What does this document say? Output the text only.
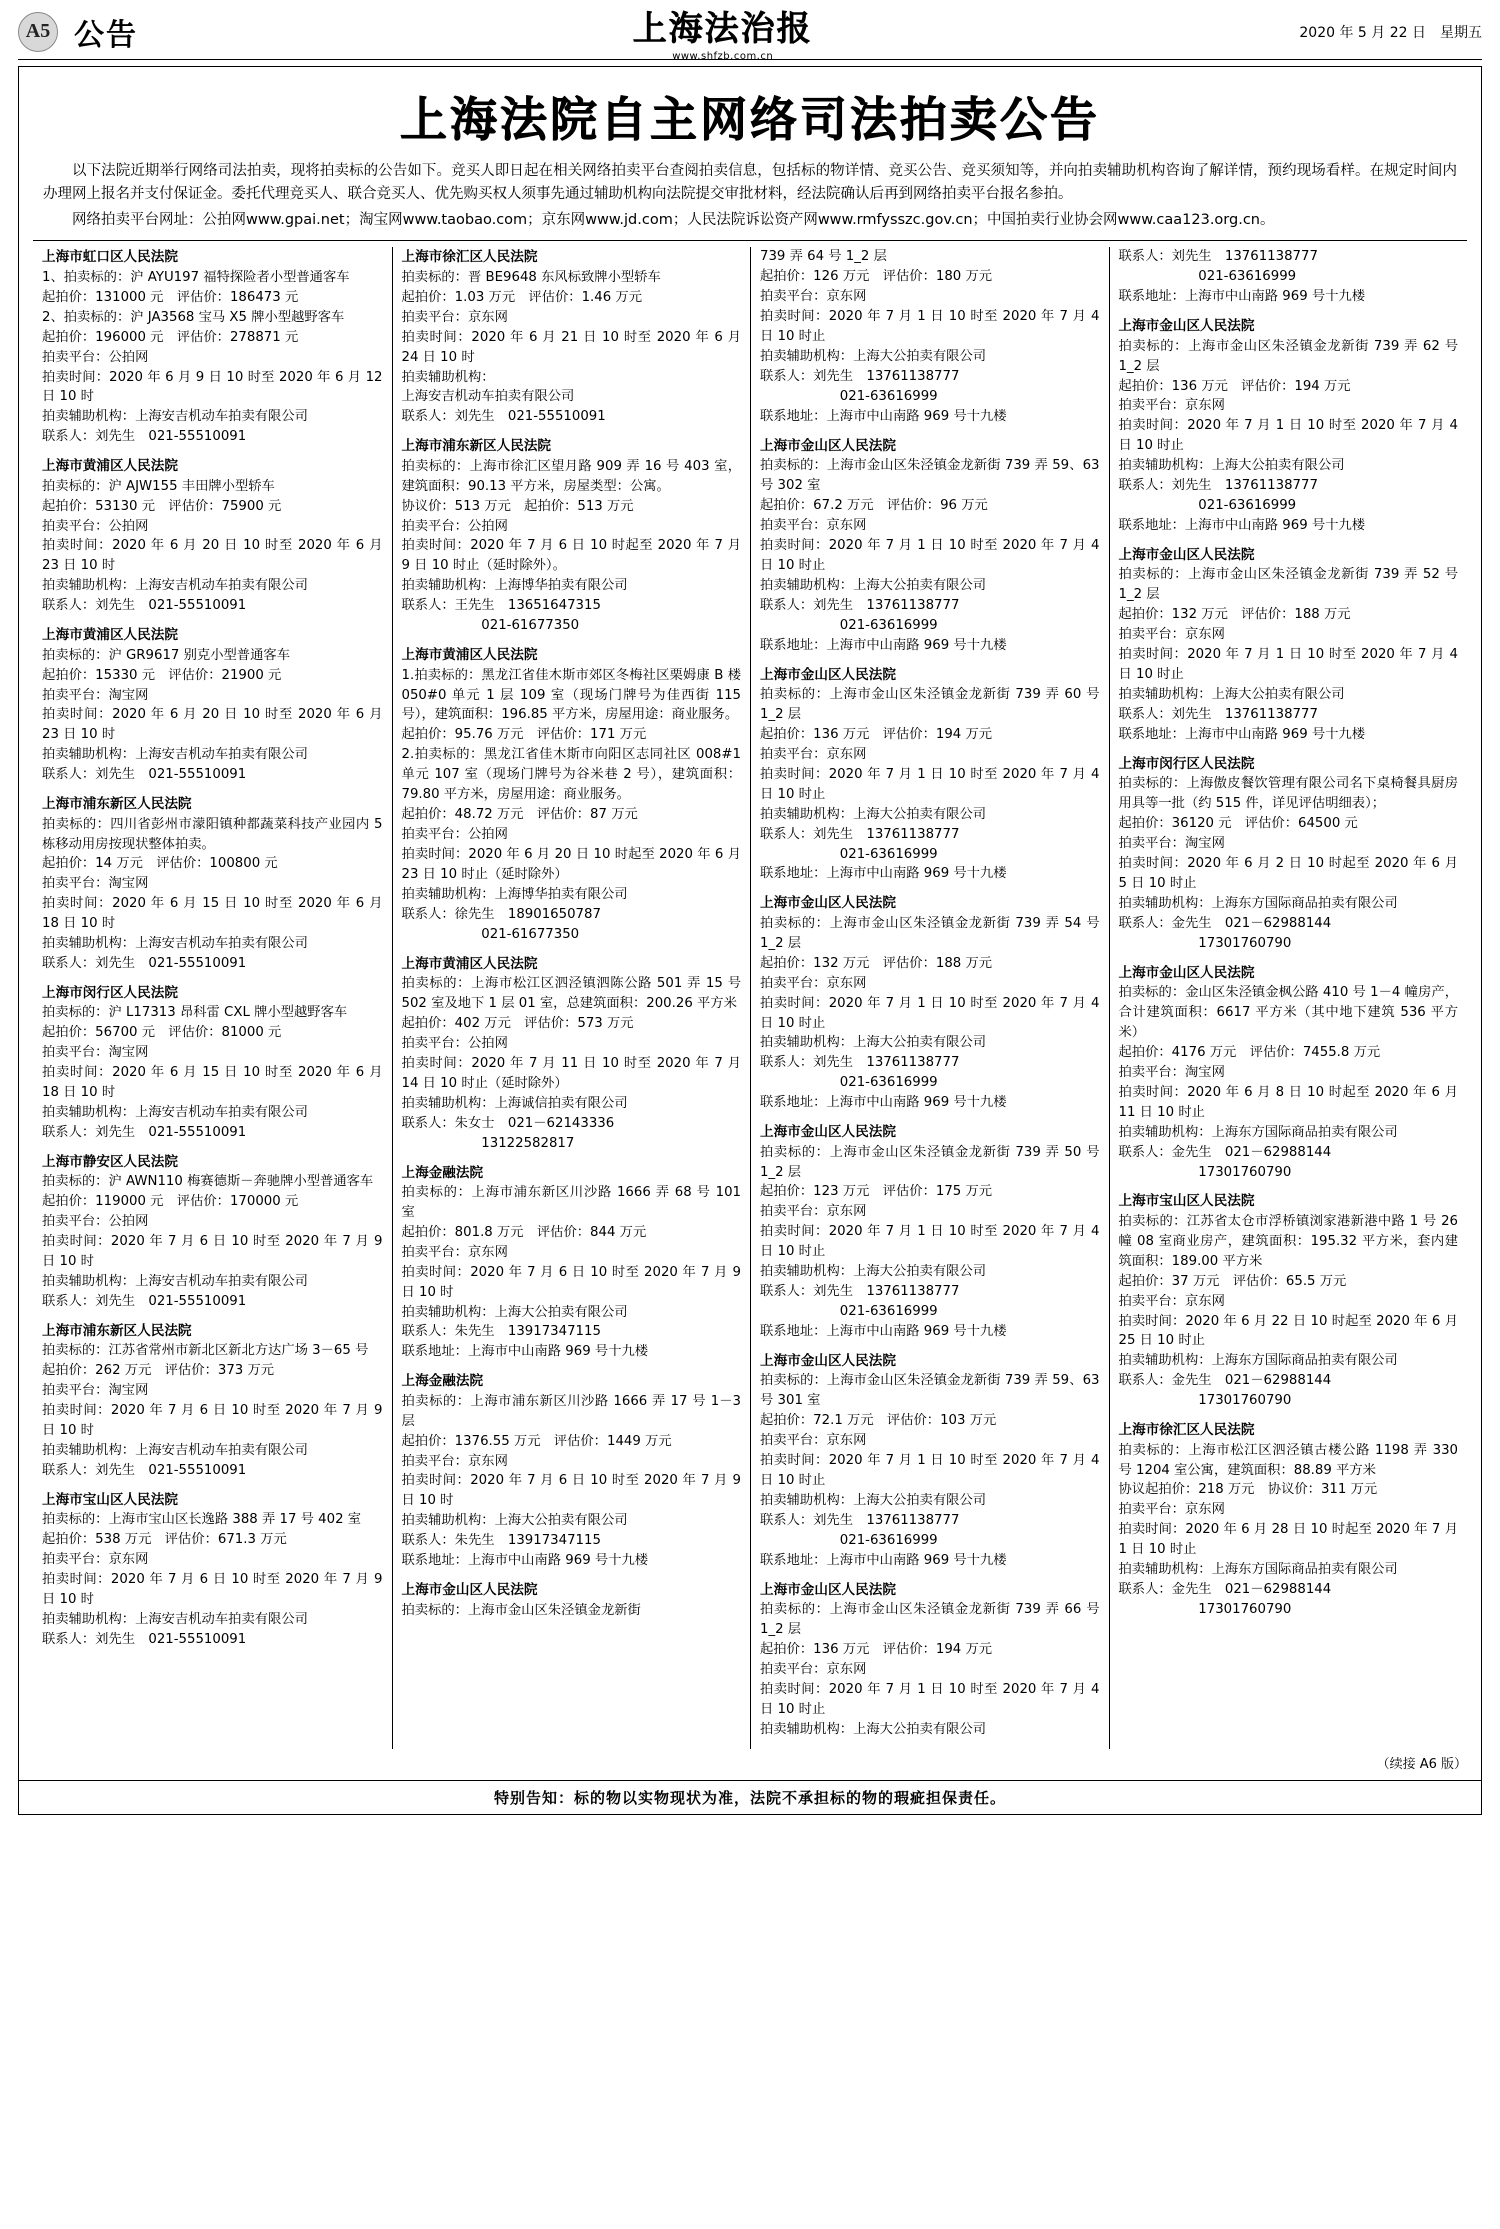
A5 公告	上海法治报
www.shfzb.com.cn
2020 年 5 月 22 日　星期五
上海法院自主网络司法拍卖公告

以下法院近期举行网络司法拍卖，现将拍卖标的公告如下。竞买人即日起在相关网络拍卖平台查阅拍卖信息，包括标的物详情、竞买公告、竞买须知等，并向拍卖辅助机构咨询了解详情，预约现场看样。在规定时间内办理网上报名并支付保证金。委托代理竞买人、联合竞买人、优先购买权人须事先通过辅助机构向法院提交审批材料，经法院确认后再到网络拍卖平台报名参拍。

网络拍卖平台网址：公拍网www.gpai.net；淘宝网www.taobao.com；京东网www.jd.com；人民法院诉讼资产网www.rmfysszc.gov.cn；中国拍卖行业协会网www.caa123.org.cn。

上海市虹口区人民法院
1、拍卖标的：沪 AYU197 福特探险者小型普通客车
起拍价：131000 元　评估价：186473 元
2、拍卖标的：沪 JA3568 宝马 X5 牌小型越野客车
起拍价：196000 元　评估价：278871 元
拍卖平台：公拍网
拍卖时间：2020 年 6 月 9 日 10 时至 2020 年 6 月 12 日 10 时
拍卖辅助机构：上海安吉机动车拍卖有限公司
联系人：刘先生　021-55510091
上海市黄浦区人民法院
拍卖标的：沪 AJW155 丰田牌小型轿车
起拍价：53130 元　评估价：75900 元
拍卖平台：公拍网
拍卖时间：2020 年 6 月 20 日 10 时至 2020 年 6 月 23 日 10 时
拍卖辅助机构：上海安吉机动车拍卖有限公司
联系人：刘先生　021-55510091
上海市黄浦区人民法院
拍卖标的：沪 GR9617 别克小型普通客车
起拍价：15330 元　评估价：21900 元
拍卖平台：淘宝网
拍卖时间：2020 年 6 月 20 日 10 时至 2020 年 6 月 23 日 10 时
拍卖辅助机构：上海安吉机动车拍卖有限公司
联系人：刘先生　021-55510091
上海市浦东新区人民法院
拍卖标的：四川省彭州市濛阳镇种都蔬菜科技产业园内 5 栋移动用房按现状整体拍卖。
起拍价：14 万元　评估价：100800 元
拍卖平台：淘宝网
拍卖时间：2020 年 6 月 15 日 10 时至 2020 年 6 月 18 日 10 时
拍卖辅助机构：上海安吉机动车拍卖有限公司
联系人：刘先生　021-55510091
上海市闵行区人民法院
拍卖标的：沪 L17313 昂科雷 CXL 牌小型越野客车
起拍价：56700 元　评估价：81000 元
拍卖平台：淘宝网
拍卖时间：2020 年 6 月 15 日 10 时至 2020 年 6 月 18 日 10 时
拍卖辅助机构：上海安吉机动车拍卖有限公司
联系人：刘先生　021-55510091
上海市静安区人民法院
拍卖标的：沪 AWN110 梅赛德斯－奔驰牌小型普通客车
起拍价：119000 元　评估价：170000 元
拍卖平台：公拍网
拍卖时间：2020 年 7 月 6 日 10 时至 2020 年 7 月 9 日 10 时
拍卖辅助机构：上海安吉机动车拍卖有限公司
联系人：刘先生　021-55510091
上海市浦东新区人民法院
拍卖标的：江苏省常州市新北区新北方达广场 3－65 号
起拍价：262 万元　评估价：373 万元
拍卖平台：淘宝网
拍卖时间：2020 年 7 月 6 日 10 时至 2020 年 7 月 9 日 10 时
拍卖辅助机构：上海安吉机动车拍卖有限公司
联系人：刘先生　021-55510091
上海市宝山区人民法院
拍卖标的：上海市宝山区长逸路 388 弄 17 号 402 室
起拍价：538 万元　评估价：671.3 万元
拍卖平台：京东网
拍卖时间：2020 年 7 月 6 日 10 时至 2020 年 7 月 9 日 10 时
拍卖辅助机构：上海安吉机动车拍卖有限公司
联系人：刘先生　021-55510091
上海市徐汇区人民法院
拍卖标的：晋 BE9648 东风标致牌小型轿车
起拍价：1.03 万元　评估价：1.46 万元
拍卖平台：京东网
拍卖时间：2020 年 6 月 21 日 10 时至 2020 年 6 月 24 日 10 时
拍卖辅助机构：
上海安吉机动车拍卖有限公司
联系人：刘先生　021-55510091
上海市浦东新区人民法院
拍卖标的：上海市徐汇区望月路 909 弄 16 号 403 室，建筑面积：90.13 平方米，房屋类型：公寓。
协议价：513 万元　起拍价：513 万元
拍卖平台：公拍网
拍卖时间：2020 年 7 月 6 日 10 时起至 2020 年 7 月 9 日 10 时止（延时除外）。
拍卖辅助机构：上海博华拍卖有限公司
联系人：王先生　13651647315
　　　　　　021-61677350
上海市黄浦区人民法院
1.拍卖标的：黑龙江省佳木斯市郊区冬梅社区栗姆康 B 楼 050#0 单元 1 层 109 室（现场门牌号为佳西街 115 号），建筑面积：196.85 平方米，房屋用途：商业服务。
起拍价：95.76 万元　评估价：171 万元
2.拍卖标的：黑龙江省佳木斯市向阳区志同社区 008#1 单元 107 室（现场门牌号为谷米巷 2 号），建筑面积：79.80 平方米，房屋用途：商业服务。
起拍价：48.72 万元　评估价：87 万元
拍卖平台：公拍网
拍卖时间：2020 年 6 月 20 日 10 时起至 2020 年 6 月 23 日 10 时止（延时除外）
拍卖辅助机构：上海博华拍卖有限公司
联系人：徐先生　18901650787
　　　　　　021-61677350
上海市黄浦区人民法院
拍卖标的：上海市松江区泗泾镇泗陈公路 501 弄 15 号 502 室及地下 1 层 01 室，总建筑面积：200.26 平方米
起拍价：402 万元　评估价：573 万元
拍卖平台：公拍网
拍卖时间：2020 年 7 月 11 日 10 时至 2020 年 7 月 14 日 10 时止（延时除外）
拍卖辅助机构：上海诚信拍卖有限公司
联系人：朱女士　021－62143336
　　　　　　13122582817
上海金融法院
拍卖标的：上海市浦东新区川沙路 1666 弄 68 号 101 室
起拍价：801.8 万元　评估价：844 万元
拍卖平台：京东网
拍卖时间：2020 年 7 月 6 日 10 时至 2020 年 7 月 9 日 10 时
拍卖辅助机构：上海大公拍卖有限公司
联系人：朱先生　13917347115
联系地址：上海市中山南路 969 号十九楼
上海金融法院
拍卖标的：上海市浦东新区川沙路 1666 弄 17 号 1－3 层
起拍价：1376.55 万元　评估价：1449 万元
拍卖平台：京东网
拍卖时间：2020 年 7 月 6 日 10 时至 2020 年 7 月 9 日 10 时
拍卖辅助机构：上海大公拍卖有限公司
联系人：朱先生　13917347115
联系地址：上海市中山南路 969 号十九楼
上海市金山区人民法院
拍卖标的：上海市金山区朱泾镇金龙新街
739 弄 64 号 1_2 层
起拍价：126 万元　评估价：180 万元
拍卖平台：京东网
拍卖时间：2020 年 7 月 1 日 10 时至 2020 年 7 月 4 日 10 时止
拍卖辅助机构：上海大公拍卖有限公司
联系人：刘先生　13761138777
　　　　　　021-63616999
联系地址：上海市中山南路 969 号十九楼
上海市金山区人民法院
拍卖标的：上海市金山区朱泾镇金龙新街 739 弄 59、63 号 302 室
起拍价：67.2 万元　评估价：96 万元
拍卖平台：京东网
拍卖时间：2020 年 7 月 1 日 10 时至 2020 年 7 月 4 日 10 时止
拍卖辅助机构：上海大公拍卖有限公司
联系人：刘先生　13761138777
　　　　　　021-63616999
联系地址：上海市中山南路 969 号十九楼
上海市金山区人民法院
拍卖标的：上海市金山区朱泾镇金龙新街 739 弄 60 号 1_2 层
起拍价：136 万元　评估价：194 万元
拍卖平台：京东网
拍卖时间：2020 年 7 月 1 日 10 时至 2020 年 7 月 4 日 10 时止
拍卖辅助机构：上海大公拍卖有限公司
联系人：刘先生　13761138777
　　　　　　021-63616999
联系地址：上海市中山南路 969 号十九楼
上海市金山区人民法院
拍卖标的：上海市金山区朱泾镇金龙新街 739 弄 54 号 1_2 层
起拍价：132 万元　评估价：188 万元
拍卖平台：京东网
拍卖时间：2020 年 7 月 1 日 10 时至 2020 年 7 月 4 日 10 时止
拍卖辅助机构：上海大公拍卖有限公司
联系人：刘先生　13761138777
　　　　　　021-63616999
联系地址：上海市中山南路 969 号十九楼
上海市金山区人民法院
拍卖标的：上海市金山区朱泾镇金龙新街 739 弄 50 号 1_2 层
起拍价：123 万元　评估价：175 万元
拍卖平台：京东网
拍卖时间：2020 年 7 月 1 日 10 时至 2020 年 7 月 4 日 10 时止
拍卖辅助机构：上海大公拍卖有限公司
联系人：刘先生　13761138777
　　　　　　021-63616999
联系地址：上海市中山南路 969 号十九楼
上海市金山区人民法院
拍卖标的：上海市金山区朱泾镇金龙新街 739 弄 59、63 号 301 室
起拍价：72.1 万元　评估价：103 万元
拍卖平台：京东网
拍卖时间：2020 年 7 月 1 日 10 时至 2020 年 7 月 4 日 10 时止
拍卖辅助机构：上海大公拍卖有限公司
联系人：刘先生　13761138777
　　　　　　021-63616999
联系地址：上海市中山南路 969 号十九楼
上海市金山区人民法院
拍卖标的：上海市金山区朱泾镇金龙新街 739 弄 66 号 1_2 层
起拍价：136 万元　评估价：194 万元
拍卖平台：京东网
拍卖时间：2020 年 7 月 1 日 10 时至 2020 年 7 月 4 日 10 时止
拍卖辅助机构：上海大公拍卖有限公司
联系人：刘先生　13761138777
　　　　　　021-63616999
联系地址：上海市中山南路 969 号十九楼
上海市金山区人民法院
拍卖标的：上海市金山区朱泾镇金龙新街 739 弄 62 号 1_2 层
起拍价：136 万元　评估价：194 万元
拍卖平台：京东网
拍卖时间：2020 年 7 月 1 日 10 时至 2020 年 7 月 4 日 10 时止
拍卖辅助机构：上海大公拍卖有限公司
联系人：刘先生　13761138777
　　　　　　021-63616999
联系地址：上海市中山南路 969 号十九楼
上海市金山区人民法院
拍卖标的：上海市金山区朱泾镇金龙新街 739 弄 52 号 1_2 层
起拍价：132 万元　评估价：188 万元
拍卖平台：京东网
拍卖时间：2020 年 7 月 1 日 10 时至 2020 年 7 月 4 日 10 时止
拍卖辅助机构：上海大公拍卖有限公司
联系人：刘先生　13761138777
联系地址：上海市中山南路 969 号十九楼
上海市闵行区人民法院
拍卖标的：上海傲皮餐饮管理有限公司名下桌椅餐具厨房用具等一批（约 515 件，详见评估明细表）；
起拍价：36120 元　评估价：64500 元
拍卖平台：淘宝网
拍卖时间：2020 年 6 月 2 日 10 时起至 2020 年 6 月 5 日 10 时止
拍卖辅助机构：上海东方国际商品拍卖有限公司
联系人：金先生　021－62988144
　　　　　　17301760790
上海市金山区人民法院
拍卖标的：金山区朱泾镇金枫公路 410 号 1－4 幢房产，合计建筑面积：6617 平方米（其中地下建筑 536 平方米）
起拍价：4176 万元　评估价：7455.8 万元
拍卖平台：淘宝网
拍卖时间：2020 年 6 月 8 日 10 时起至 2020 年 6 月 11 日 10 时止
拍卖辅助机构：上海东方国际商品拍卖有限公司
联系人：金先生　021－62988144
　　　　　　17301760790
上海市宝山区人民法院
拍卖标的：江苏省太仓市浮桥镇浏家港新港中路 1 号 26 幢 08 室商业房产，建筑面积：195.32 平方米，套内建筑面积：189.00 平方米
起拍价：37 万元　评估价：65.5 万元
拍卖平台：京东网
拍卖时间：2020 年 6 月 22 日 10 时起至 2020 年 6 月 25 日 10 时止
拍卖辅助机构：上海东方国际商品拍卖有限公司
联系人：金先生　021－62988144
　　　　　　17301760790
上海市徐汇区人民法院
拍卖标的：上海市松江区泗泾镇古楼公路 1198 弄 330 号 1204 室公寓，建筑面积：88.89 平方米
协议起拍价：218 万元　协议价：311 万元
拍卖平台：京东网
拍卖时间：2020 年 6 月 28 日 10 时起至 2020 年 7 月 1 日 10 时止
拍卖辅助机构：上海东方国际商品拍卖有限公司
联系人：金先生　021－62988144
　　　　　　17301760790
（续接 A6 版）
特别告知：标的物以实物现状为准，法院不承担标的物的瑕疵担保责任。
